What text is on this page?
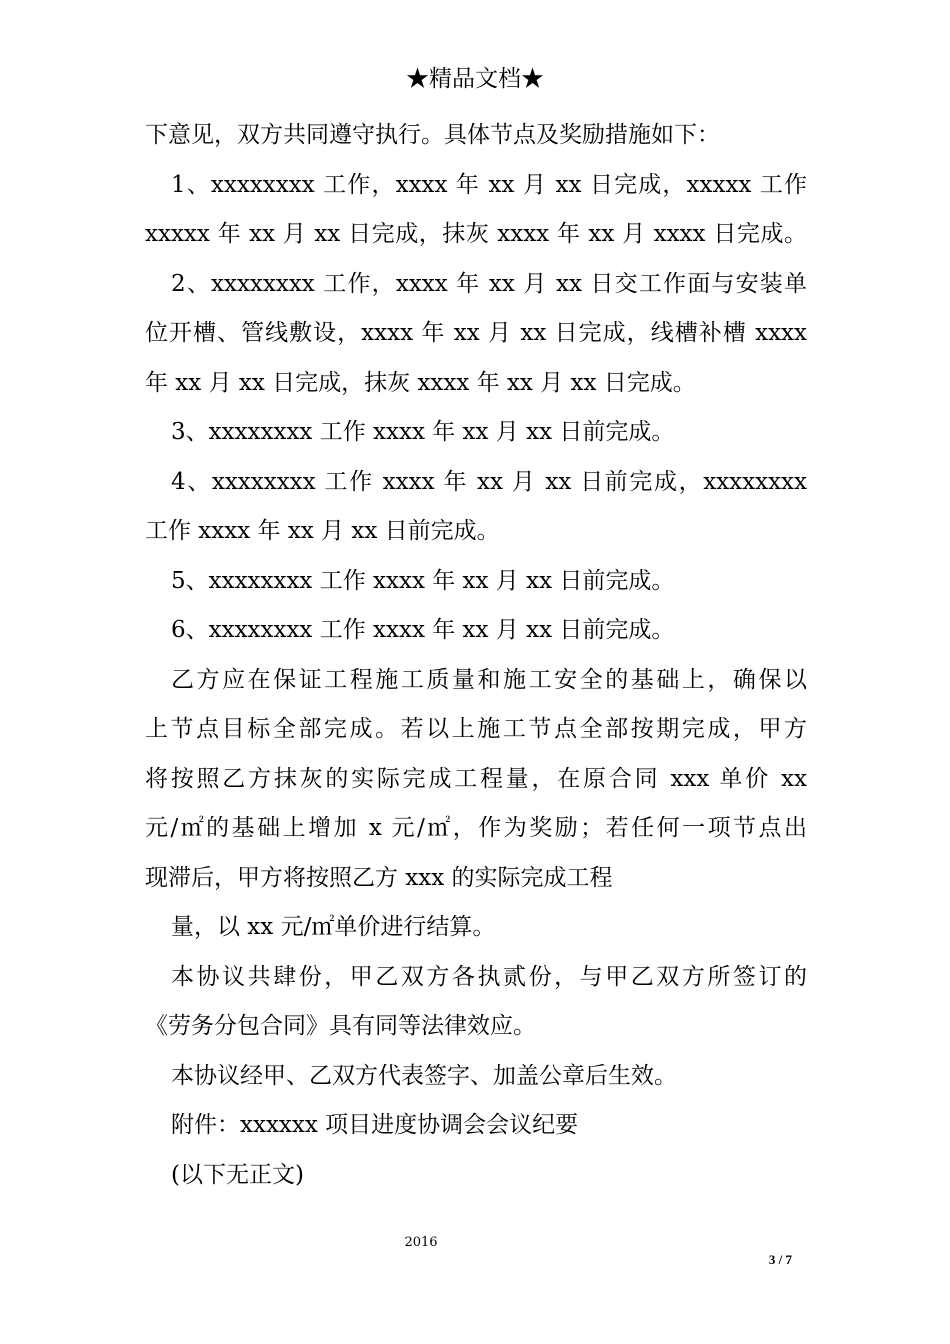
★精品文档★
下意见，双方共同遵守执行。具体节点及奖励措施如下：
1、xxxxxxxx 工作，xxxx 年 xx 月 xx 日完成，xxxxx 工作
xxxxx 年 xx 月 xx 日完成，抹灰 xxxx 年 xx 月 xxxx 日完成。
2、xxxxxxxx 工作，xxxx 年 xx 月 xx 日交工作面与安装单
位开槽、管线敷设，xxxx 年 xx 月 xx 日完成，线槽补槽 xxxx
年 xx 月 xx 日完成，抹灰 xxxx 年 xx 月 xx 日完成。
3、xxxxxxxx 工作 xxxx 年 xx 月 xx 日前完成。
4、xxxxxxxx 工作 xxxx 年 xx 月 xx 日前完成，xxxxxxxx
工作 xxxx 年 xx 月 xx 日前完成。
5、xxxxxxxx 工作 xxxx 年 xx 月 xx 日前完成。
6、xxxxxxxx 工作 xxxx 年 xx 月 xx 日前完成。
乙方应在保证工程施工质量和施工安全的基础上，确保以
上节点目标全部完成。若以上施工节点全部按期完成，甲方
将按照乙方抹灰的实际完成工程量，在原合同 xxx 单价 xx
元/㎡的基础上增加 x 元/㎡，作为奖励；若任何一项节点出
现滞后，甲方将按照乙方 xxx 的实际完成工程
量，以 xx 元/㎡单价进行结算。
本协议共肆份，甲乙双方各执贰份，与甲乙双方所签订的
《劳务分包合同》具有同等法律效应。
本协议经甲、乙双方代表签字、加盖公章后生效。
附件：xxxxxx 项目进度协调会会议纪要
(以下无正文)
2016
3 / 7
